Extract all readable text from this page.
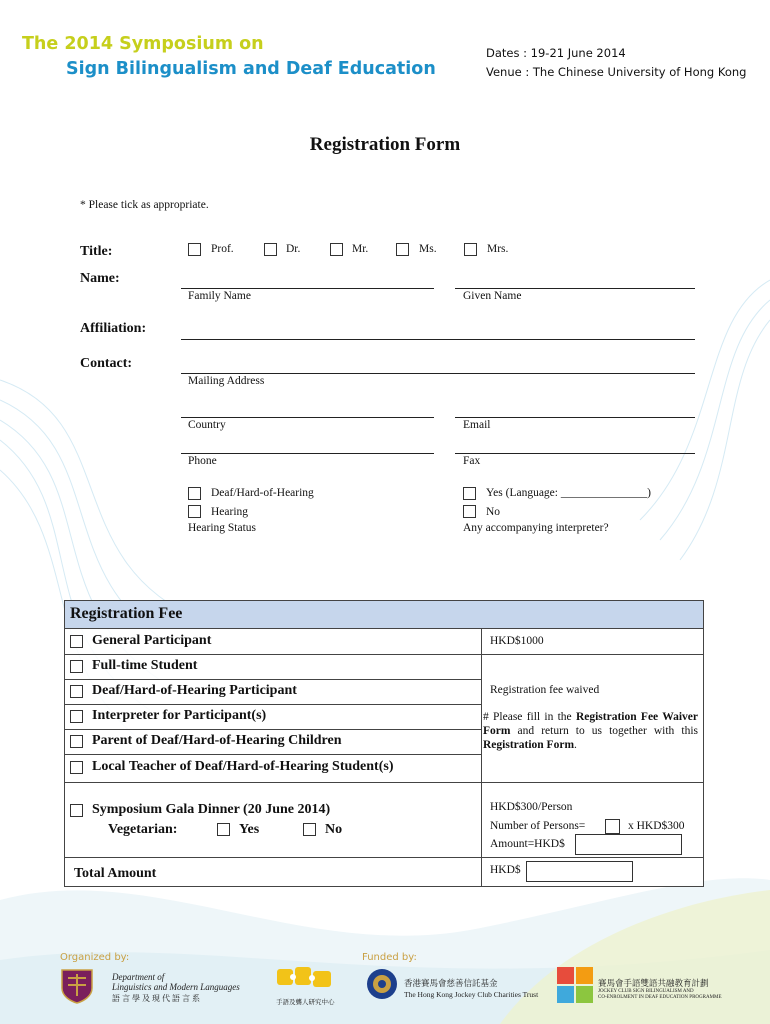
The 2014 Symposium on
Sign Bilingualism and Deaf Education
Dates : 19-21 June 2014
Venue : The Chinese University of Hong Kong
Registration Form
* Please tick as appropriate.
Title:	Prof.	Dr.	Mr.	Ms.	Mrs.
Name:
Family Name	Given Name
Affiliation:
Contact:
Mailing Address
Country	Email
Phone	Fax
Deaf/Hard-of-Hearing
Hearing
Hearing Status
Yes (Language: _______________)
No
Any accompanying interpreter?
Registration Fee
General Participant	HKD$1000
Full-time Student
Deaf/Hard-of-Hearing Participant	Registration fee waived
Interpreter for Participant(s)	# Please fill in the Registration Fee Waiver Form and return to us together with this Registration Form.
Parent of Deaf/Hard-of-Hearing Children
Local Teacher of Deaf/Hard-of-Hearing Student(s)
Symposium Gala Dinner (20 June 2014)
Vegetarian:	Yes	No
HKD$300/Person
Number of Persons=	x HKD$300
Amount=HKD$
Total Amount	HKD$
Organized by:	Funded by:
Department of
Linguistics and Modern Languages
語 言 學 及 現 代 語 言 系	手語及聾人研究中心
香港賽馬會慈善信託基金
The Hong Kong Jockey Club Charities Trust
賽馬會手語雙語共融教育計劃
JOCKEY CLUB SIGN BILINGUALISM AND
CO-ENROLMENT IN DEAF EDUCATION PROGRAMME
